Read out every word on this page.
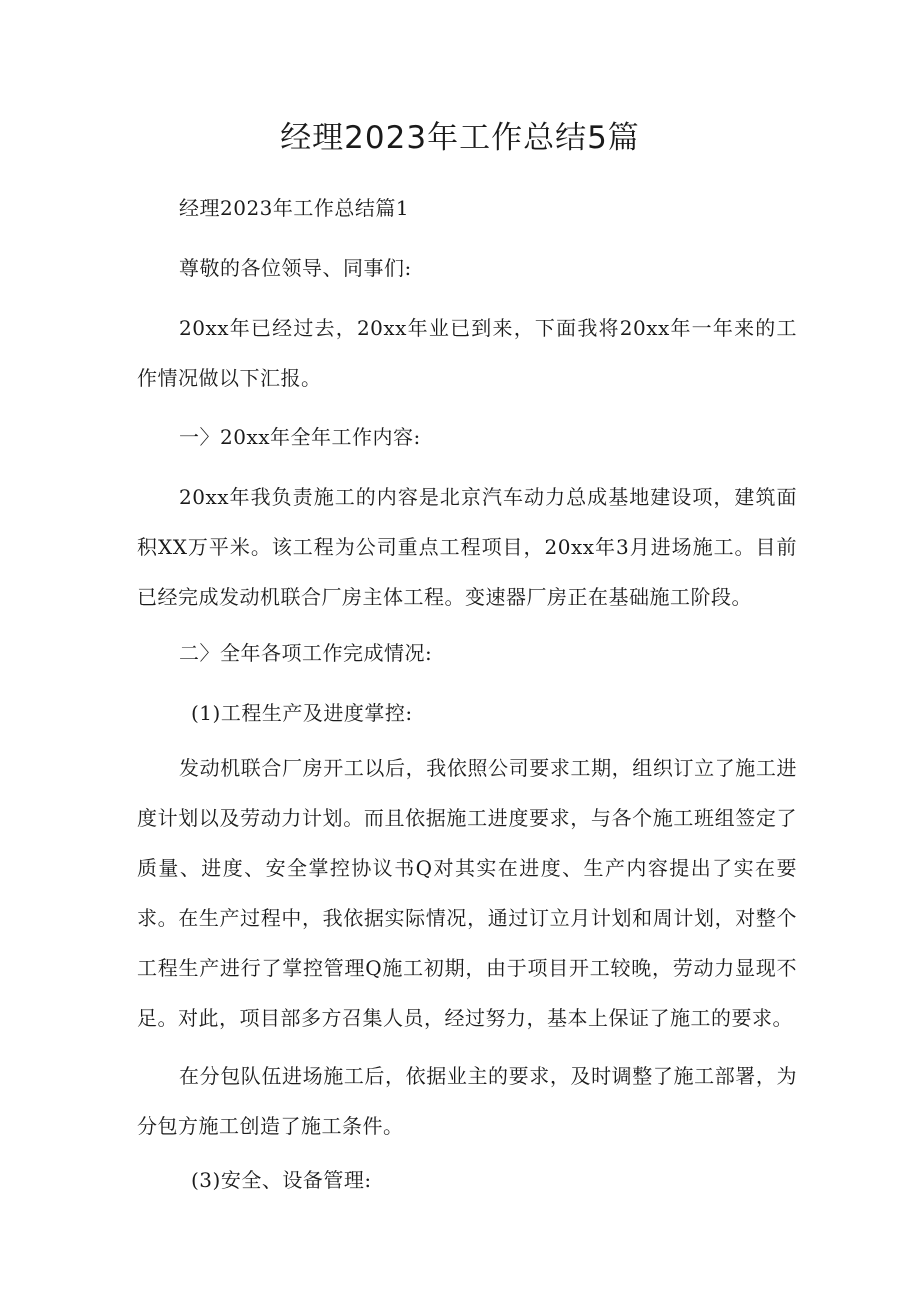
经理2023年工作总结5篇

经理2023年工作总结篇1

尊敬的各位领导、同事们:

20xx年已经过去，20xx年业已到来，下面我将20xx年一年来的工作情况做以下汇报。

一〉20xx年全年工作内容:

20xx年我负责施工的内容是北京汽车动力总成基地建设项，建筑面积XX万平米。该工程为公司重点工程项目，20xx年3月进场施工。目前已经完成发动机联合厂房主体工程。变速器厂房正在基础施工阶段。

二〉全年各项工作完成情况:

(1)工程生产及进度掌控:

发动机联合厂房开工以后，我依照公司要求工期，组织订立了施工进度计划以及劳动力计划。而且依据施工进度要求，与各个施工班组签定了质量、进度、安全掌控协议书Q对其实在进度、生产内容提出了实在要求。在生产过程中，我依据实际情况，通过订立月计划和周计划，对整个工程生产进行了掌控管理Q施工初期，由于项目开工较晚，劳动力显现不足。对此，项目部多方召集人员，经过努力，基本上保证了施工的要求。

在分包队伍进场施工后，依据业主的要求，及时调整了施工部署，为分包方施工创造了施工条件。

(3)安全、设备管理:
